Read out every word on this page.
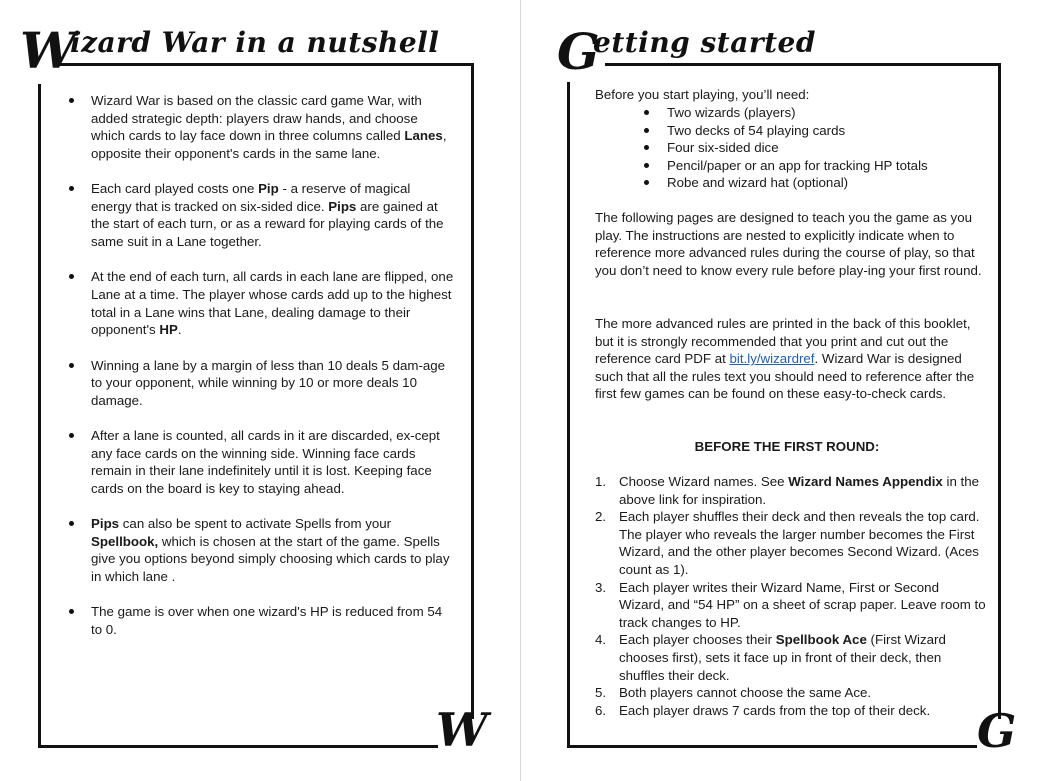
W
izard War in a nutshell
Wizard War is based on the classic card game War, with added strategic depth: players draw hands, and choose which cards to lay face down in three columns called Lanes, opposite their opponent's cards in the same lane.
Each card played costs one Pip - a reserve of magical energy that is tracked on six-sided dice. Pips are gained at the start of each turn, or as a reward for playing cards of the same suit in a Lane together.
At the end of each turn, all cards in each lane are flipped, one Lane at a time. The player whose cards add up to the highest total in a Lane wins that Lane, dealing damage to their opponent's HP.
Winning a lane by a margin of less than 10 deals 5 dam-age to your opponent, while winning by 10 or more deals 10 damage.
After a lane is counted, all cards in it are discarded, ex-cept any face cards on the winning side. Winning face cards remain in their lane indefinitely until it is lost. Keeping face cards on the board is key to staying ahead.
Pips can also be spent to activate Spells from your Spellbook, which is chosen at the start of the game. Spells give you options beyond simply choosing which cards to play in which lane .
The game is over when one wizard's HP is reduced from 54 to 0.
W
G
etting started
Before you start playing, you’ll need:
Two wizards (players)
Two decks of 54 playing cards
Four six-sided dice
Pencil/paper or an app for tracking HP totals
Robe and wizard hat (optional)
The following pages are designed to teach you the game as you play. The instructions are nested to explicitly indicate when to reference more advanced rules during the course of play, so that you don’t need to know every rule before play-ing your first round.
The more advanced rules are printed in the back of this booklet, but it is strongly recommended that you print and cut out the reference card PDF at bit.ly/wizardref. Wizard War is designed such that all the rules text you should need to reference after the first few games can be found on these easy-to-check cards.
BEFORE THE FIRST ROUND:
1. Choose Wizard names. See Wizard Names Appendix in the above link for inspiration.
2. Each player shuffles their deck and then reveals the top card. The player who reveals the larger number becomes the First Wizard, and the other player becomes Second Wizard. (Aces count as 1).
3. Each player writes their Wizard Name, First or Second Wizard, and “54 HP” on a sheet of scrap paper. Leave room to track changes to HP.
4. Each player chooses their Spellbook Ace (First Wizard chooses first), sets it face up in front of their deck, then shuffles their deck.
5. Both players cannot choose the same Ace.
6. Each player draws 7 cards from the top of their deck.	G
